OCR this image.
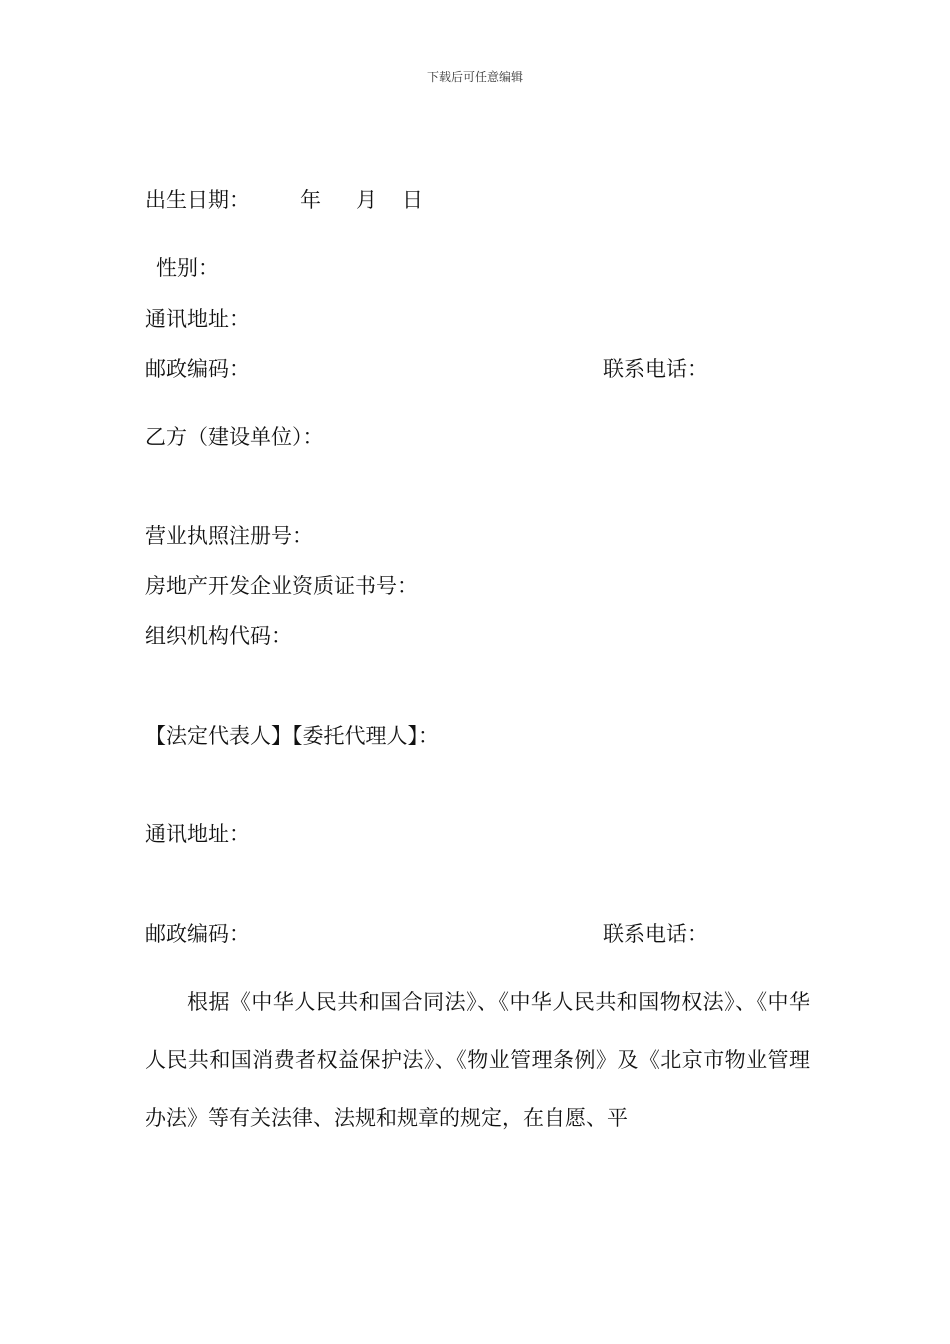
下载后可任意编辑
出生日期： 年 月 日
性别：
通讯地址：
邮政编码：	联系电话：
乙方（建设单位）：
营业执照注册号：
房地产开发企业资质证书号：
组织机构代码：
【法定代表人】【委托代理人】：
通讯地址：
邮政编码：	联系电话：
根据《中华人民共和国合同法》、《中华人民共和国物权法》、《中华人民共和国消费者权益保护法》、《物业管理条例》及《北京市物业管理办法》等有关法律、法规和规章的规定，在自愿、平
